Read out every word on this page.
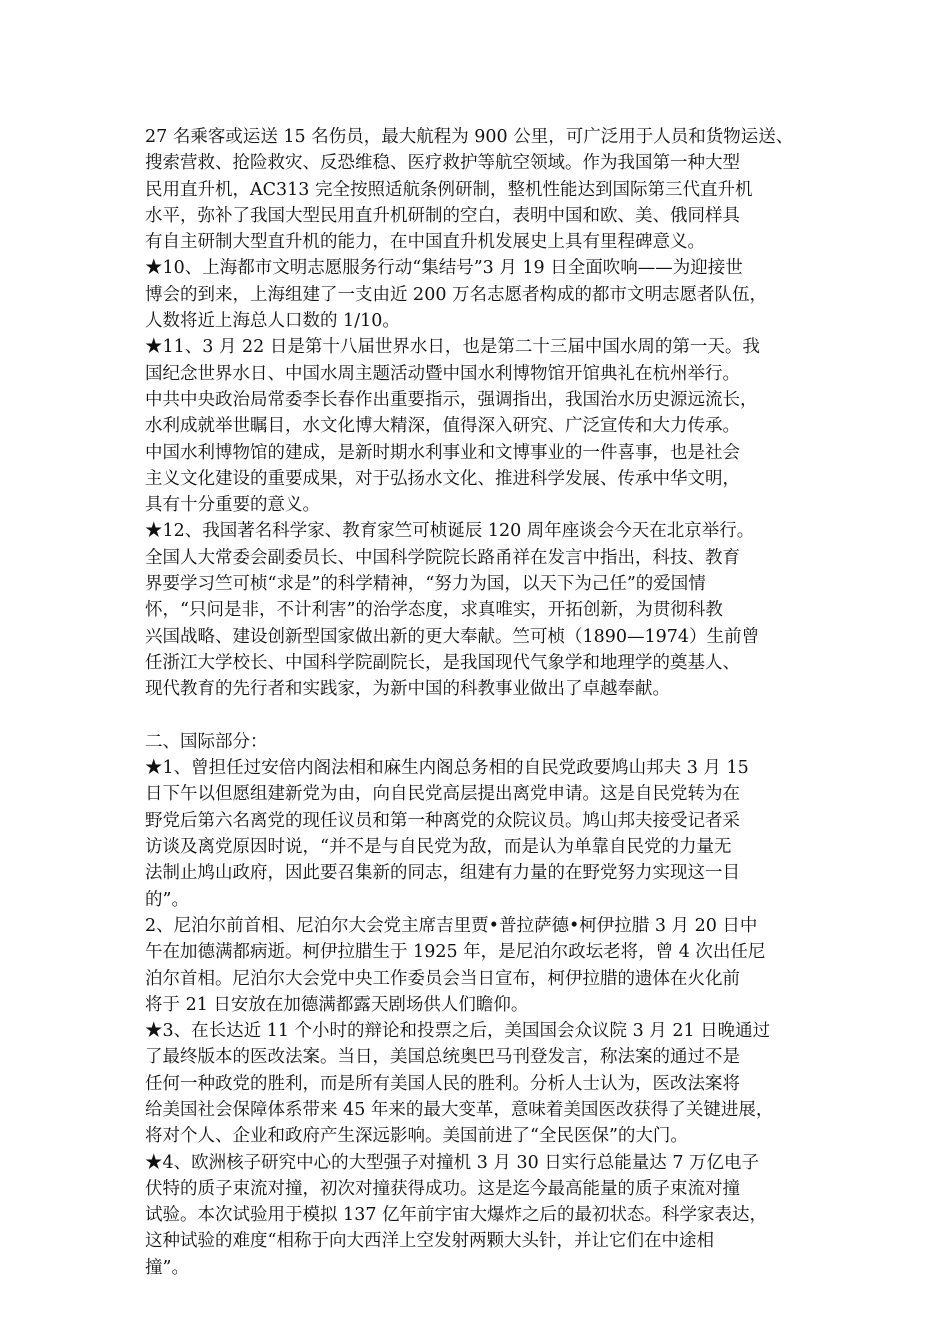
27 名乘客或运送 15 名伤员，最大航程为 900 公里，可广泛用于人员和货物运送、
搜索营救、抢险救灾、反恐维稳、医疗救护等航空领域。作为我国第一种大型
民用直升机，AC313 完全按照适航条例研制，整机性能达到国际第三代直升机
水平，弥补了我国大型民用直升机研制的空白，表明中国和欧、美、俄同样具
有自主研制大型直升机的能力，在中国直升机发展史上具有里程碑意义。
★10、上海都市文明志愿服务行动“集结号”3 月 19 日全面吹响——为迎接世
博会的到来，上海组建了一支由近 200 万名志愿者构成的都市文明志愿者队伍，
人数将近上海总人口数的 1/10。
★11、3 月 22 日是第十八届世界水日，也是第二十三届中国水周的第一天。我
国纪念世界水日、中国水周主题活动暨中国水利博物馆开馆典礼在杭州举行。
中共中央政治局常委李长春作出重要指示，强调指出，我国治水历史源远流长，
水利成就举世瞩目，水文化博大精深，值得深入研究、广泛宣传和大力传承。
中国水利博物馆的建成，是新时期水利事业和文博事业的一件喜事，也是社会
主义文化建设的重要成果，对于弘扬水文化、推进科学发展、传承中华文明，
具有十分重要的意义。
★12、我国著名科学家、教育家竺可桢诞辰 120 周年座谈会今天在北京举行。
全国人大常委会副委员长、中国科学院院长路甬祥在发言中指出，科技、教育
界要学习竺可桢“求是”的科学精神，“努力为国，以天下为己任”的爱国情
怀，“只问是非，不计利害”的治学态度，求真唯实，开拓创新，为贯彻科教
兴国战略、建设创新型国家做出新的更大奉献。竺可桢（1890—1974）生前曾
任浙江大学校长、中国科学院副院长，是我国现代气象学和地理学的奠基人、
现代教育的先行者和实践家，为新中国的科教事业做出了卓越奉献。
二、国际部分：
★1、曾担任过安倍内阁法相和麻生内阁总务相的自民党政要鸠山邦夫 3 月 15
日下午以但愿组建新党为由，向自民党高层提出离党申请。这是自民党转为在
野党后第六名离党的现任议员和第一种离党的众院议员。鸠山邦夫接受记者采
访谈及离党原因时说，“并不是与自民党为敌，而是认为单靠自民党的力量无
法制止鸠山政府，因此要召集新的同志，组建有力量的在野党努力实现这一目
的”。
2、尼泊尔前首相、尼泊尔大会党主席吉里贾•普拉萨德•柯伊拉腊 3 月 20 日中
午在加德满都病逝。柯伊拉腊生于 1925 年，是尼泊尔政坛老将，曾 4 次出任尼
泊尔首相。尼泊尔大会党中央工作委员会当日宣布，柯伊拉腊的遗体在火化前
将于 21 日安放在加德满都露天剧场供人们瞻仰。
★3、在长达近 11 个小时的辩论和投票之后，美国国会众议院 3 月 21 日晚通过
了最终版本的医改法案。当日，美国总统奥巴马刊登发言，称法案的通过不是
任何一种政党的胜利，而是所有美国人民的胜利。分析人士认为，医改法案将
给美国社会保障体系带来 45 年来的最大变革，意味着美国医改获得了关键进展，
将对个人、企业和政府产生深远影响。美国前进了“全民医保”的大门。
★4、欧洲核子研究中心的大型强子对撞机 3 月 30 日实行总能量达 7 万亿电子
伏特的质子束流对撞，初次对撞获得成功。这是迄今最高能量的质子束流对撞
试验。本次试验用于模拟 137 亿年前宇宙大爆炸之后的最初状态。科学家表达，
这种试验的难度“相称于向大西洋上空发射两颗大头针，并让它们在中途相
撞”。
